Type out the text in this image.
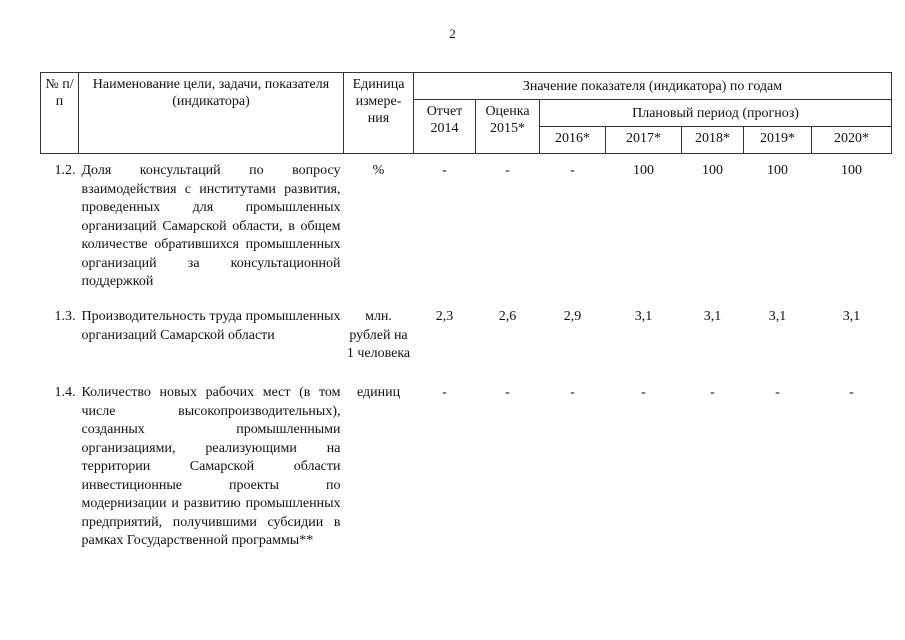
2
№ п/п	Наименование цели, задачи, показателя (индикатора)	Единица измере-ния	Значение показателя (индикатора) по годам						
			Отчет 2014	Оценка 2015*	Плановый период (прогноз)				
					2016*	2017*	2018*	2019*	2020*
1.2.	Доля консультаций по вопросу взаимодействия с институтами развития, проведенных для промышленных организаций Самарской области, в общем количестве обратившихся промышленных организаций за консультационной поддержкой	%	-	-	-	100	100	100	100
1.3.	Производительность труда промышленных организаций Самарской области	млн. рублей на 1 человека	2,3	2,6	2,9	3,1	3,1	3,1	3,1
1.4.	Количество новых рабочих мест (в том числе высокопроизводительных), созданных промышленными организациями, реализующими на территории Самарской области инвестиционные проекты по модернизации и развитию промышленных предприятий, получившими субсидии в рамках Государственной программы**	единиц	-	-	-	-	-	-	-
